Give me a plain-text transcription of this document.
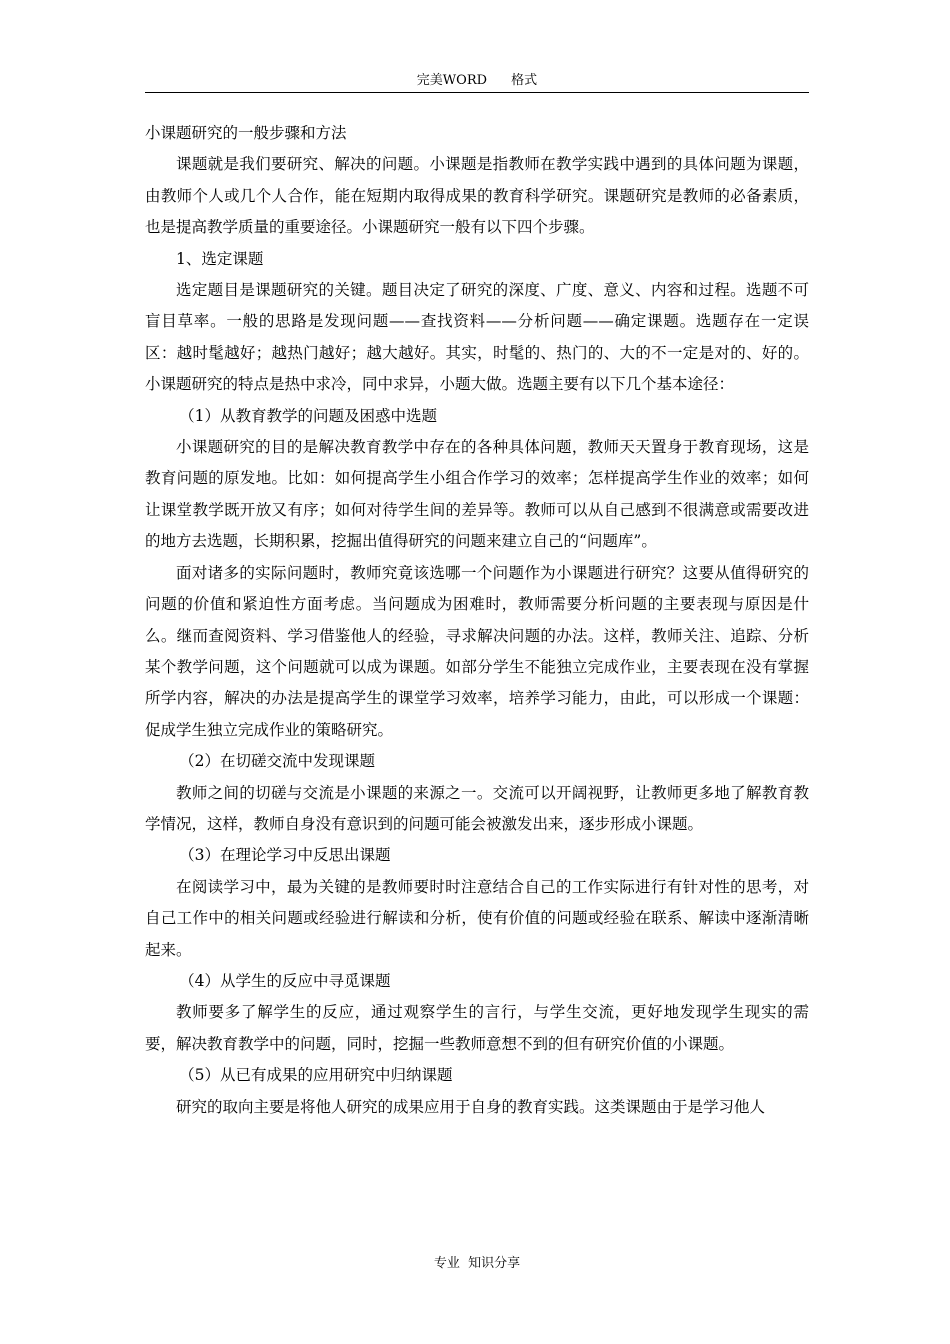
完美WORD 格式

小课题研究的一般步骤和方法

课题就是我们要研究、解决的问题。小课题是指教师在教学实践中遇到的具体问题为课题，由教师个人或几个人合作，能在短期内取得成果的教育科学研究。课题研究是教师的必备素质，也是提高教学质量的重要途径。小课题研究一般有以下四个步骤。

1、选定课题

选定题目是课题研究的关键。题目决定了研究的深度、广度、意义、内容和过程。选题不可盲目草率。一般的思路是发现问题——查找资料——分析问题——确定课题。选题存在一定误区：越时髦越好；越热门越好；越大越好。其实，时髦的、热门的、大的不一定是对的、好的。小课题研究的特点是热中求冷，同中求异，小题大做。选题主要有以下几个基本途径：

（1）从教育教学的问题及困惑中选题

小课题研究的目的是解决教育教学中存在的各种具体问题，教师天天置身于教育现场，这是教育问题的原发地。比如：如何提高学生小组合作学习的效率；怎样提高学生作业的效率；如何让课堂教学既开放又有序；如何对待学生间的差异等。教师可以从自己感到不很满意或需要改进的地方去选题，长期积累，挖掘出值得研究的问题来建立自己的“问题库”。

面对诸多的实际问题时，教师究竟该选哪一个问题作为小课题进行研究？这要从值得研究的问题的价值和紧迫性方面考虑。当问题成为困难时，教师需要分析问题的主要表现与原因是什么。继而查阅资料、学习借鉴他人的经验，寻求解决问题的办法。这样，教师关注、追踪、分析某个教学问题，这个问题就可以成为课题。如部分学生不能独立完成作业，主要表现在没有掌握所学内容，解决的办法是提高学生的课堂学习效率，培养学习能力，由此，可以形成一个课题：促成学生独立完成作业的策略研究。

（2）在切磋交流中发现课题

教师之间的切磋与交流是小课题的来源之一。交流可以开阔视野，让教师更多地了解教育教学情况，这样，教师自身没有意识到的问题可能会被激发出来，逐步形成小课题。

（3）在理论学习中反思出课题

在阅读学习中，最为关键的是教师要时时注意结合自己的工作实际进行有针对性的思考，对自己工作中的相关问题或经验进行解读和分析，使有价值的问题或经验在联系、解读中逐渐清晰起来。

（4）从学生的反应中寻觅课题

教师要多了解学生的反应，通过观察学生的言行，与学生交流，更好地发现学生现实的需要，解决教育教学中的问题，同时，挖掘一些教师意想不到的但有研究价值的小课题。

（5）从已有成果的应用研究中归纳课题

研究的取向主要是将他人研究的成果应用于自身的教育实践。这类课题由于是学习他人

专业 知识分享
